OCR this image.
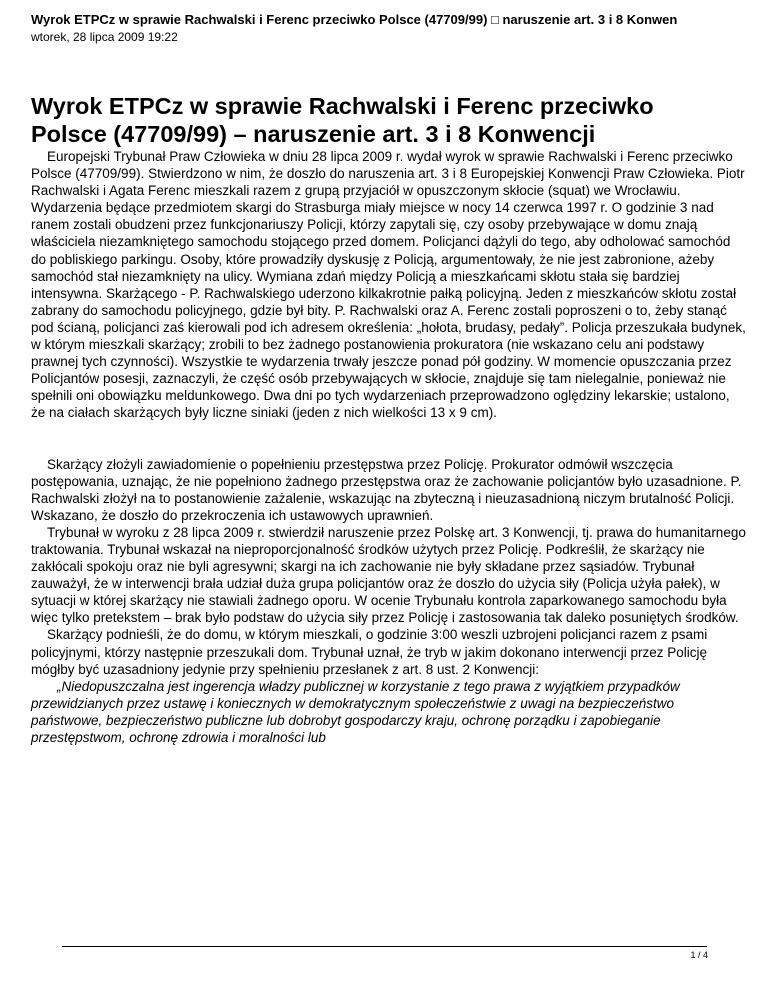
Wyrok ETPCz w sprawie Rachwalski i Ferenc przeciwko Polsce (47709/99) □ naruszenie art. 3 i 8 Konwen
wtorek, 28 lipca 2009 19:22
Wyrok ETPCz w sprawie Rachwalski i Ferenc przeciwko Polsce (47709/99) – naruszenie art. 3 i 8 Konwencji

Europejski Trybunał Praw Człowieka w dniu 28 lipca 2009 r. wydał wyrok w sprawie Rachwalski i Ferenc przeciwko Polsce (47709/99). Stwierdzono w nim, że doszło do naruszenia art. 3 i 8 Europejskiej Konwencji Praw Człowieka. Piotr Rachwalski i Agata Ferenc mieszkali razem z grupą przyjaciół w opuszczonym skłocie (squat) we Wrocławiu. Wydarzenia będące przedmiotem skargi do Strasburga miały miejsce w nocy 14 czerwca 1997 r. O godzinie 3 nad ranem zostali obudzeni przez funkcjonariuszy Policji, którzy zapytali się, czy osoby przebywające w domu znają właściciela niezamkniętego samochodu stojącego przed domem. Policjanci dążyli do tego, aby odholować samochód do pobliskiego parkingu. Osoby, które prowadziły dyskusję z Policją, argumentowały, że nie jest zabronione, ażeby samochód stał niezamknięty na ulicy. Wymiana zdań między Policją a mieszkańcami skłotu stała się bardziej intensywna. Skarżącego - P. Rachwalskiego uderzono kilkakrotnie pałką policyjną. Jeden z mieszkańców skłotu został zabrany do samochodu policyjnego, gdzie był bity. P. Rachwalski oraz A. Ferenc zostali poproszeni o to, żeby stanąć pod ścianą, policjanci zaś kierowali pod ich adresem określenia: „hołota, brudasy, pedały”. Policja przeszukała budynek, w którym mieszkali skarżący; zrobili to bez żadnego postanowienia prokuratora (nie wskazano celu ani podstawy prawnej tych czynności). Wszystkie te wydarzenia trwały jeszcze ponad pół godziny. W momencie opuszczania przez Policjantów posesji, zaznaczyli, że część osób przebywających w skłocie, znajduje się tam nielegalnie, ponieważ nie spełnili oni obowiązku meldunkowego. Dwa dni po tych wydarzeniach przeprowadzono oględziny lekarskie; ustalono, że na ciałach skarżących były liczne siniaki (jeden z nich wielkości 13 x 9 cm).

Skarżący złożyli zawiadomienie o popełnieniu przestępstwa przez Policję. Prokurator odmówił wszczęcia postępowania, uznając, że nie popełniono żadnego przestępstwa oraz że zachowanie policjantów było uzasadnione. P. Rachwalski złożył na to postanowienie zażalenie, wskazując na zbyteczną i nieuzasadnioną niczym brutalność Policji. Wskazano, że doszło do przekroczenia ich ustawowych uprawnień.

Trybunał w wyroku z 28 lipca 2009 r. stwierdził naruszenie przez Polskę art. 3 Konwencji, tj. prawa do humanitarnego traktowania. Trybunał wskazał na nieproporcjonalność środków użytych przez Policję. Podkreślił, że skarżący nie zakłócali spokoju oraz nie byli agresywni; skargi na ich zachowanie nie były składane przez sąsiadów. Trybunał zauważył, że w interwencji brała udział duża grupa policjantów oraz że doszło do użycia siły (Policja użyła pałek), w sytuacji w której skarżący nie stawiali żadnego oporu. W ocenie Trybunału kontrola zaparkowanego samochodu była więc tylko pretekstem – brak było podstaw do użycia siły przez Policję i zastosowania tak daleko posuniętych środków.

Skarżący podnieśli, że do domu, w którym mieszkali, o godzinie 3:00 weszli uzbrojeni policjanci razem z psami policyjnymi, którzy następnie przeszukali dom. Trybunał uznał, że tryb w jakim dokonano interwencji przez Policję mógłby być uzasadniony jedynie przy spełnieniu przesłanek z art. 8 ust. 2 Konwencji:

„Niedopuszczalna jest ingerencja władzy publicznej w korzystanie z tego prawa z wyjątkiem przypadków przewidzianych przez ustawę i koniecznych w demokratycznym społeczeństwie z uwagi na bezpieczeństwo państwowe, bezpieczeństwo publiczne lub dobrobyt gospodarczy kraju, ochronę porządku i zapobieganie przestępstwom, ochronę zdrowia i moralności lub

1 / 4
